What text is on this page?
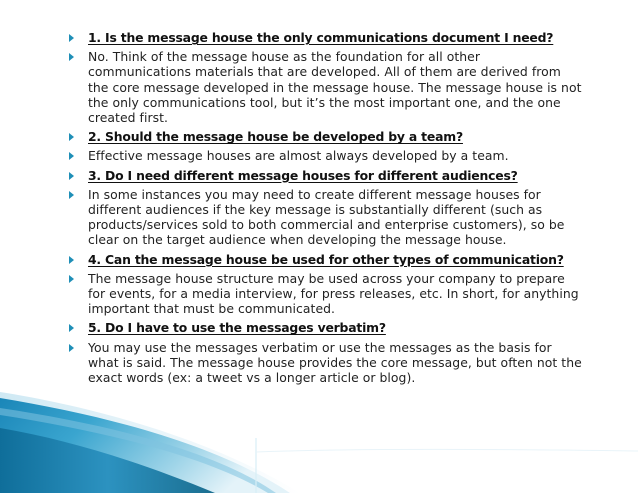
1. Is the message house the only communications document I need?
No. Think of the message house as the foundation for all other communications materials that are developed. All of them are derived from the core message developed in the message house. The message house is not the only communications tool, but it’s the most important one, and the one created first.
2. Should the message house be developed by a team?
Effective message houses are almost always developed by a team.
3. Do I need different message houses for different audiences?
In some instances you may need to create different message houses for different audiences if the key message is substantially different (such as products/services sold to both commercial and enterprise customers), so be clear on the target audience when developing the message house.
4. Can the message house be used for other types of communication?
The message house structure may be used across your company to prepare for events, for a media interview, for press releases, etc. In short, for anything important that must be communicated.
5. Do I have to use the messages verbatim?
You may use the messages verbatim or use the messages as the basis for what is said. The message house provides the core message, but often not the exact words (ex: a tweet vs a longer article or blog).
